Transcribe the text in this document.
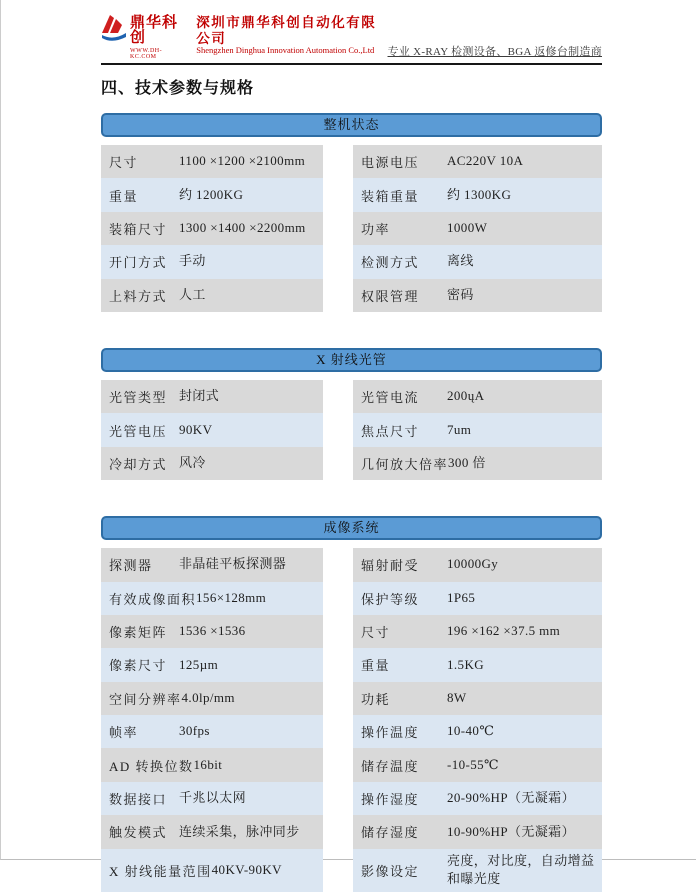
鼎华科创
WWW.DH-KC.COM
深圳市鼎华科创自动化有限公司
Shengzhen Dinghua Innovation Automation Co.,Ltd	专业 X-RAY 检测设备、BGA 返修台制造商
四、技术参数与规格
整机状态
尺寸	1100 ×1200 ×2100mm	电源电压	AC220V 10A
重量	约 1200KG	装箱重量	约 1300KG
装箱尺寸 1300 ×1400 ×2200mm	功率	1000W
开门方式 手动	检测方式	离线
上料方式 人工	权限管理	密码
X 射线光管
光管类型 封闭式	光管电流	200ųA
光管电压 90KV	焦点尺寸	7um
冷却方式 风冷	几何放大倍率 300 倍
成像系统
探测器	非晶硅平板探测器	辐射耐受	10000Gy
有效成像面积 156×128mm	保护等级	1P65
像素矩阵 1536 ×1536	尺寸	196 ×162 ×37.5 mm
像素尺寸 125µm	重量	1.5KG
空间分辨率 4.0lp/mm	功耗	8W
帧率	30fps	操作温度	10-40℃
AD 转换位数 16bit	储存温度	-10-55℃
数据接口 千兆以太网	操作湿度	20-90%HP（无凝霜）
触发模式 连续采集，脉冲同步	储存湿度	10-90%HP（无凝霜）
X 射线能量范围 40KV-90KV	影像设定
亮度，对比度，自动增益和曝光度
